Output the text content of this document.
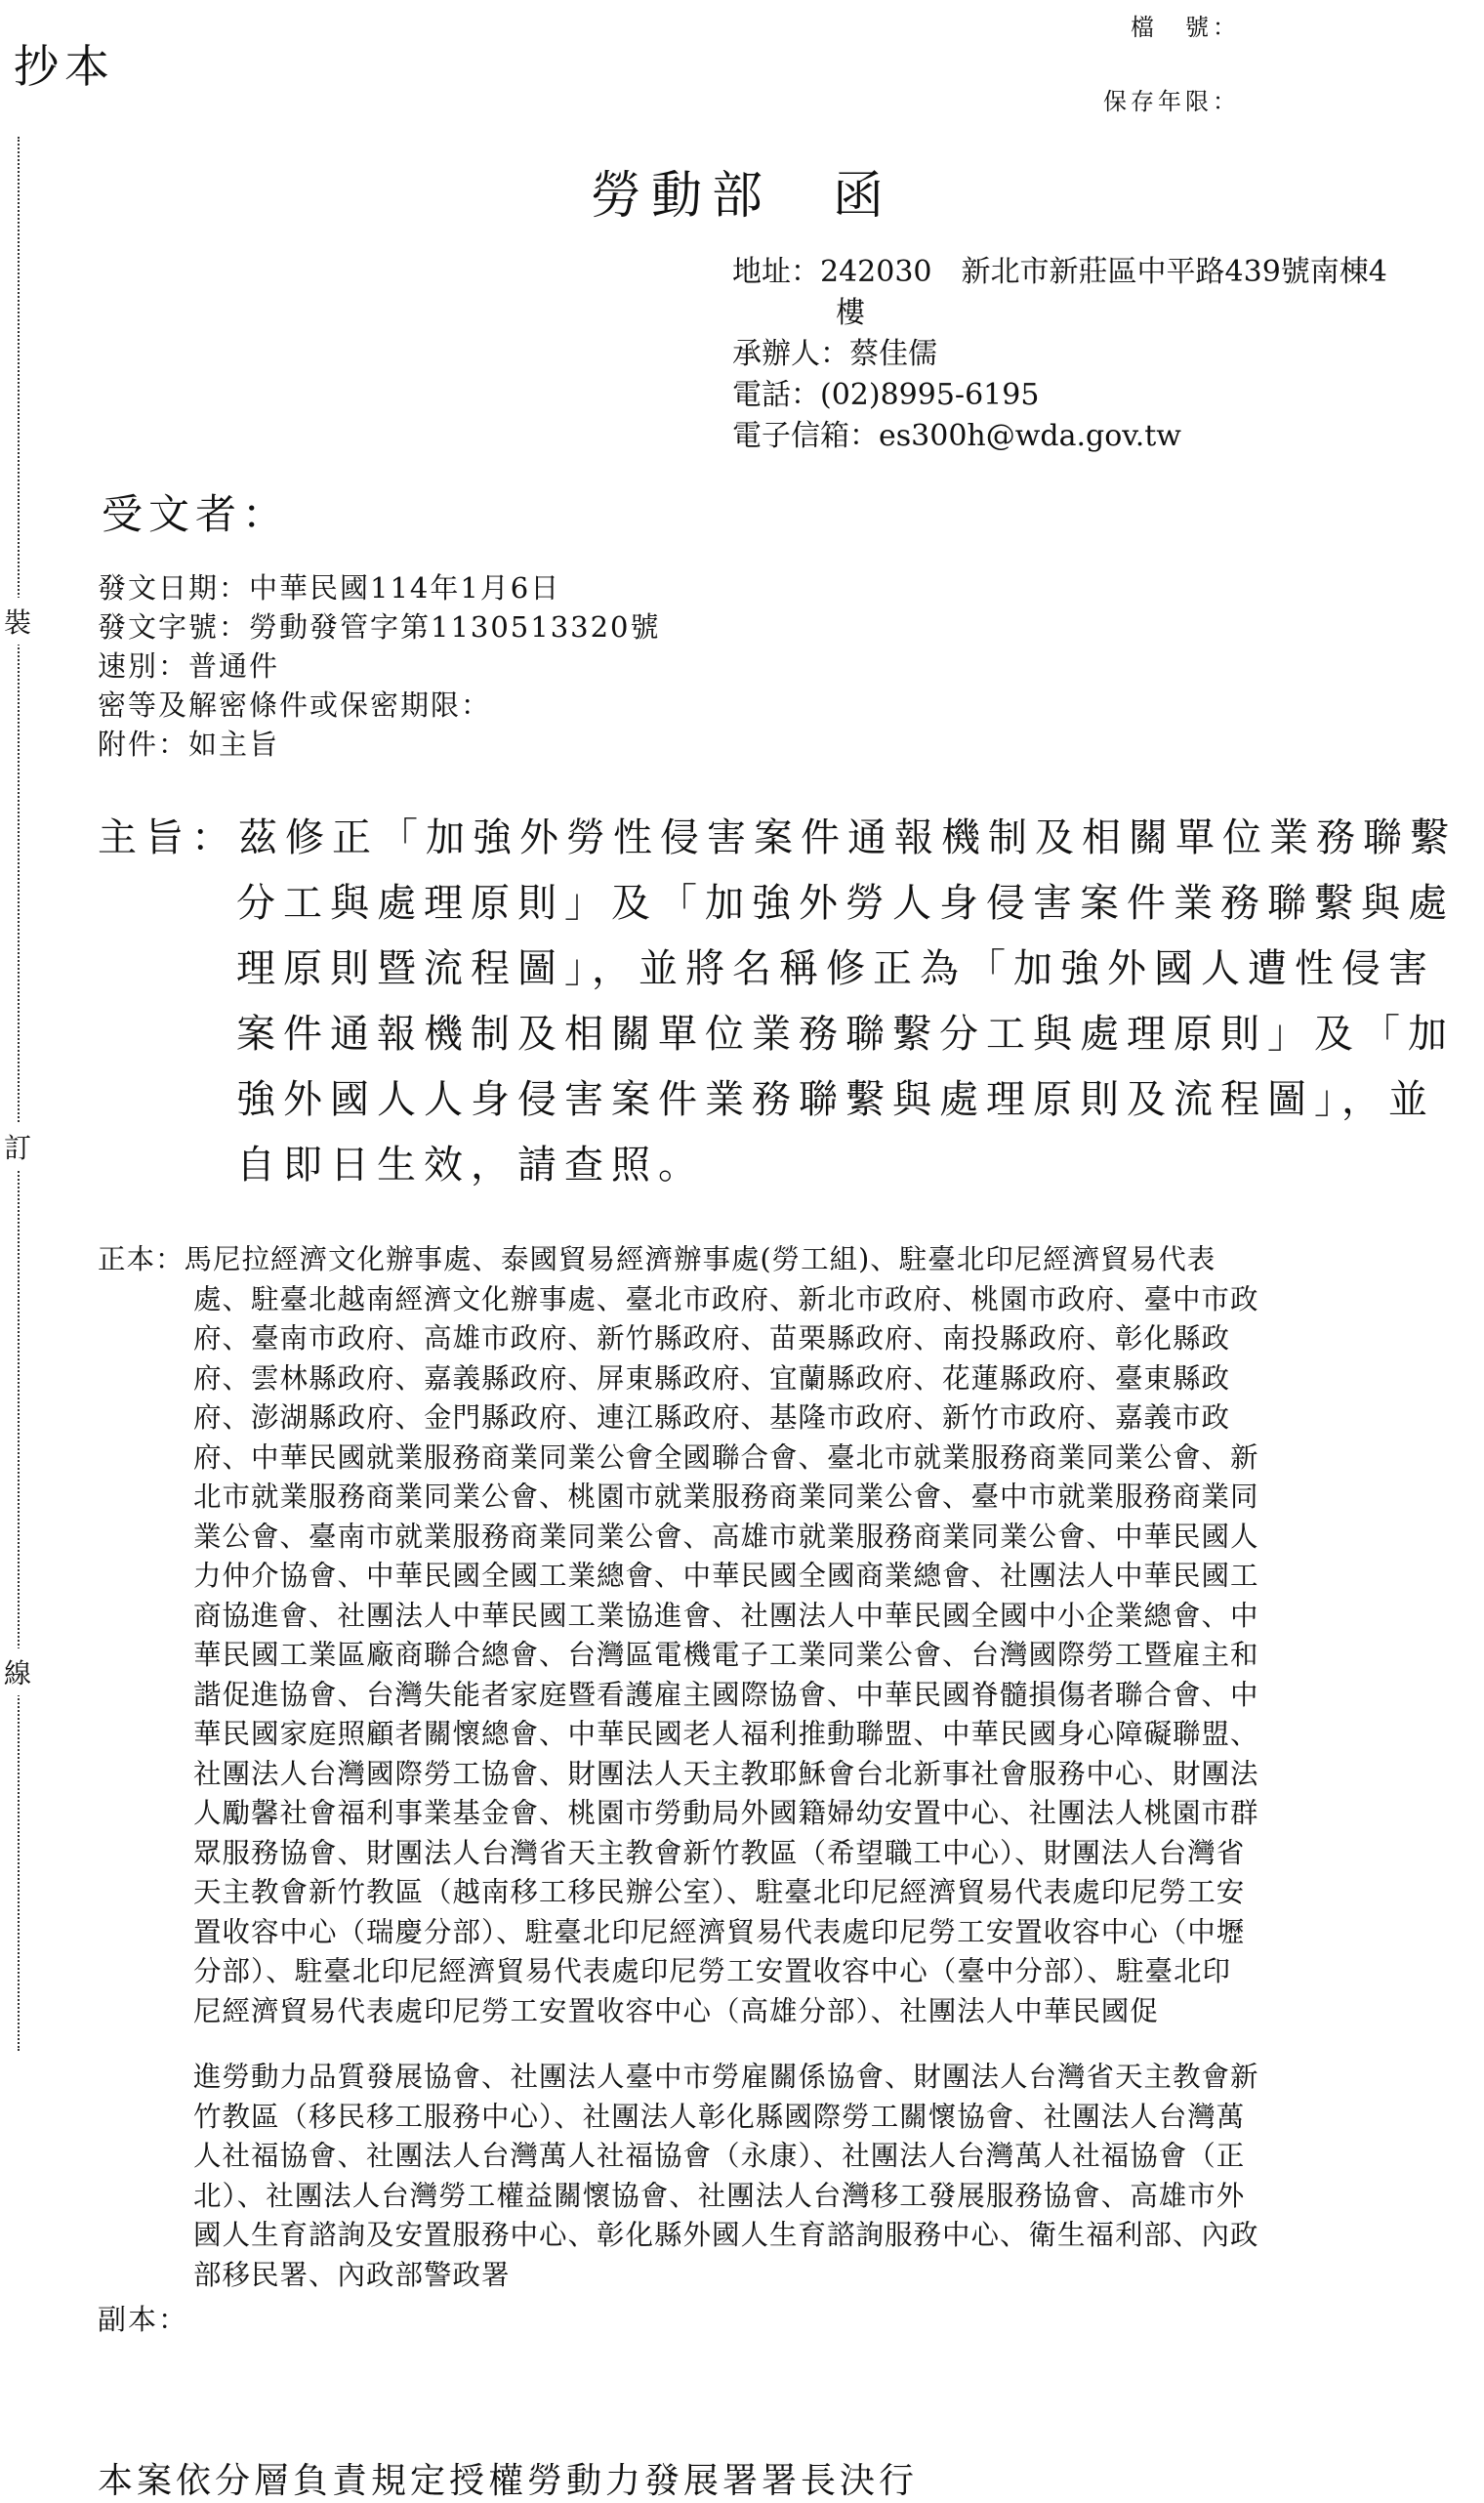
裝
訂
線
抄本
檔　號：
保存年限：
勞動部　函
地址：242030　新北市新莊區中平路439號南棟4
樓
承辦人：蔡佳儒
電話：(02)8995-6195
電子信箱：es300h@wda.gov.tw
受文者：
發文日期：中華民國114年1月6日
發文字號：勞動發管字第1130513320號
速別：普通件
密等及解密條件或保密期限：
附件：如主旨
主旨：茲修正「加強外勞性侵害案件通報機制及相關單位業務聯繫
分工與處理原則」及「加強外勞人身侵害案件業務聯繫與處
理原則暨流程圖」，並將名稱修正為「加強外國人遭性侵害
案件通報機制及相關單位業務聯繫分工與處理原則」及「加
強外國人人身侵害案件業務聯繫與處理原則及流程圖」，並
自即日生效，請查照。
正本：馬尼拉經濟文化辦事處、泰國貿易經濟辦事處(勞工組)、駐臺北印尼經濟貿易代表
處、駐臺北越南經濟文化辦事處、臺北市政府、新北市政府、桃園市政府、臺中市政
府、臺南市政府、高雄市政府、新竹縣政府、苗栗縣政府、南投縣政府、彰化縣政
府、雲林縣政府、嘉義縣政府、屏東縣政府、宜蘭縣政府、花蓮縣政府、臺東縣政
府、澎湖縣政府、金門縣政府、連江縣政府、基隆市政府、新竹市政府、嘉義市政
府、中華民國就業服務商業同業公會全國聯合會、臺北市就業服務商業同業公會、新
北市就業服務商業同業公會、桃園市就業服務商業同業公會、臺中市就業服務商業同
業公會、臺南市就業服務商業同業公會、高雄市就業服務商業同業公會、中華民國人
力仲介協會、中華民國全國工業總會、中華民國全國商業總會、社團法人中華民國工
商協進會、社團法人中華民國工業協進會、社團法人中華民國全國中小企業總會、中
華民國工業區廠商聯合總會、台灣區電機電子工業同業公會、台灣國際勞工暨雇主和
諧促進協會、台灣失能者家庭暨看護雇主國際協會、中華民國脊髓損傷者聯合會、中
華民國家庭照顧者關懷總會、中華民國老人福利推動聯盟、中華民國身心障礙聯盟、
社團法人台灣國際勞工協會、財團法人天主教耶穌會台北新事社會服務中心、財團法
人勵馨社會福利事業基金會、桃園市勞動局外國籍婦幼安置中心、社團法人桃園市群
眾服務協會、財團法人台灣省天主教會新竹教區（希望職工中心）、財團法人台灣省
天主教會新竹教區（越南移工移民辦公室）、駐臺北印尼經濟貿易代表處印尼勞工安
置收容中心（瑞慶分部）、駐臺北印尼經濟貿易代表處印尼勞工安置收容中心（中壢
分部）、駐臺北印尼經濟貿易代表處印尼勞工安置收容中心（臺中分部）、駐臺北印
尼經濟貿易代表處印尼勞工安置收容中心（高雄分部）、社團法人中華民國促
進勞動力品質發展協會、社團法人臺中市勞雇關係協會、財團法人台灣省天主教會新
竹教區（移民移工服務中心）、社團法人彰化縣國際勞工關懷協會、社團法人台灣萬
人社福協會、社團法人台灣萬人社福協會（永康）、社團法人台灣萬人社福協會（正
北）、社團法人台灣勞工權益關懷協會、社團法人台灣移工發展服務協會、高雄市外
國人生育諮詢及安置服務中心、彰化縣外國人生育諮詢服務中心、衛生福利部、內政
部移民署、內政部警政署
副本：
本案依分層負責規定授權勞動力發展署署長決行
